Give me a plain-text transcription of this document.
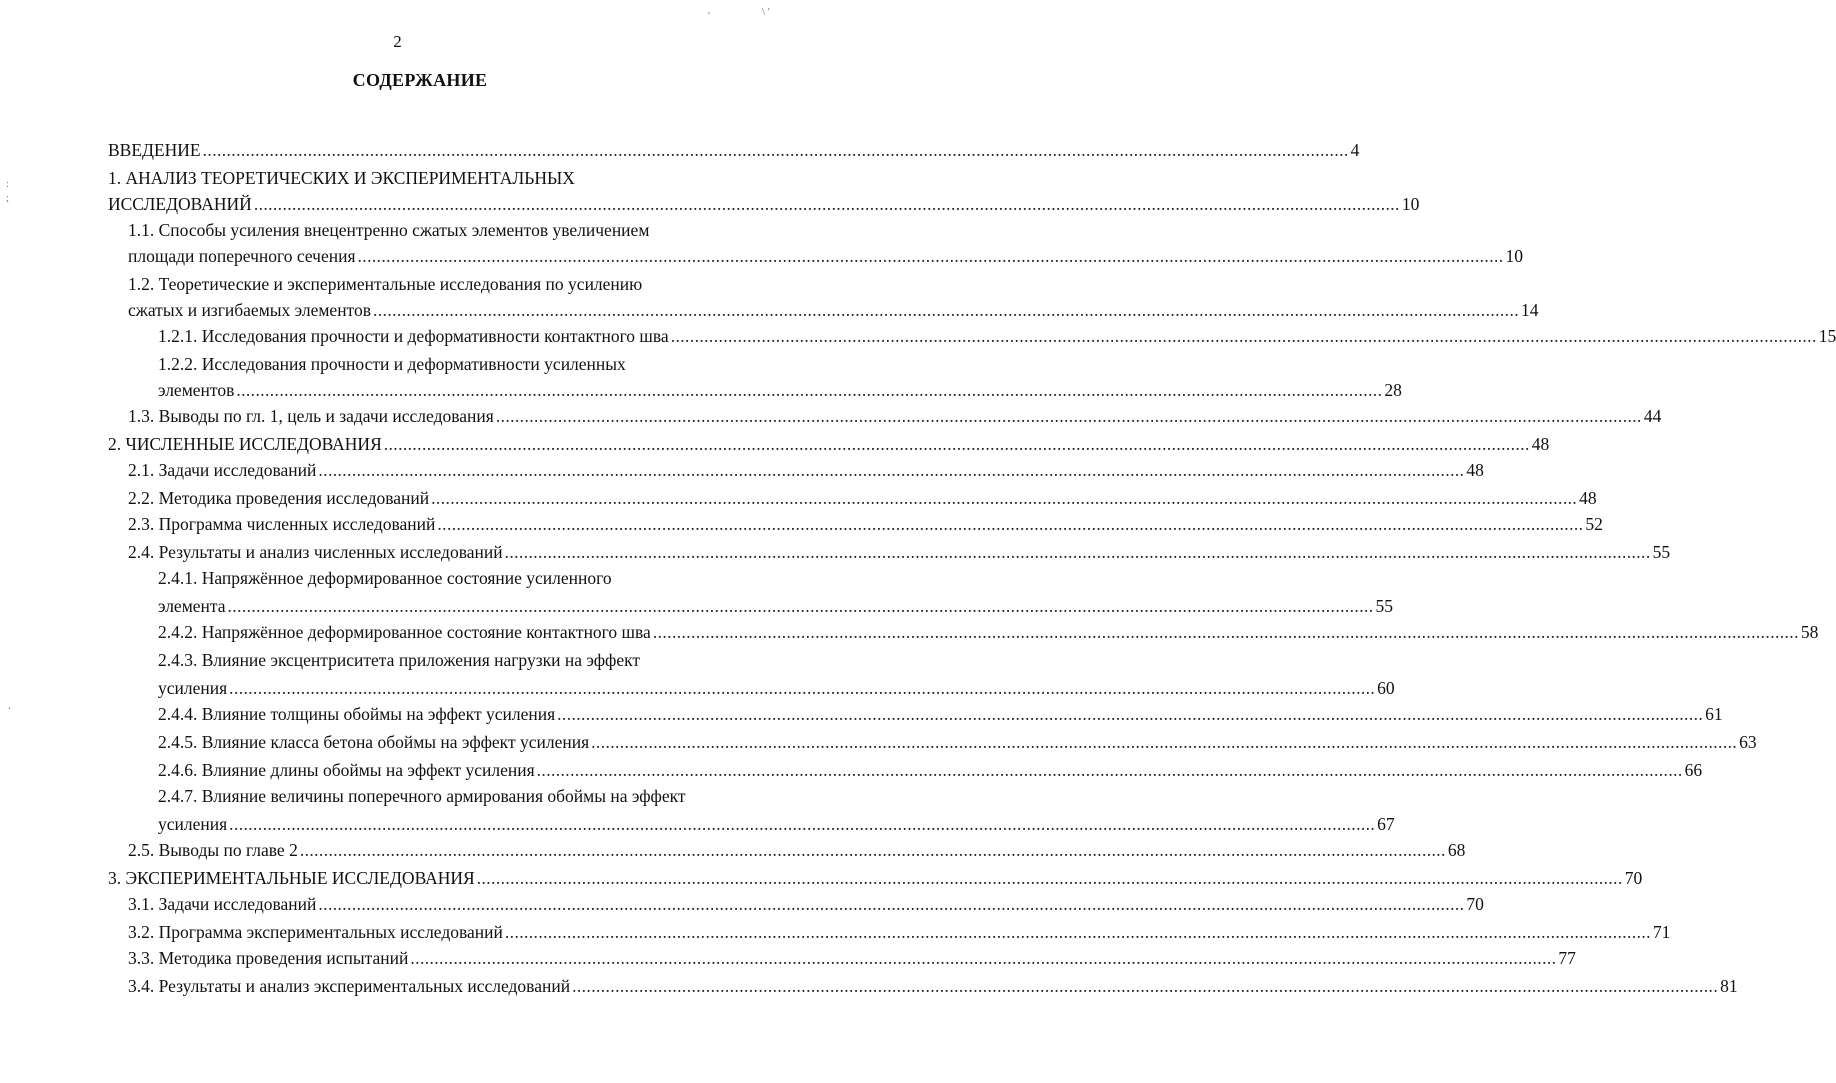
2
СОДЕРЖАНИЕ
'	\ '
:
;
.
ВВЕДЕНИЕ .....	4
1. АНАЛИЗ ТЕОРЕТИЧЕСКИХ И ЭКСПЕРИМЕНТАЛЬНЫХ
ИССЛЕДОВАНИЙ .....	10
1.1. Способы усиления внецентренно сжатых элементов увеличением
площади поперечного сечения .....	10
1.2. Теоретические и экспериментальные исследования по усилению
сжатых и изгибаемых элементов .....	14
1.2.1. Исследования прочности и деформативности контактного шва .....	15
1.2.2. Исследования прочности и деформативности усиленных
элементов .....	28
1.3. Выводы по гл. 1, цель и задачи исследования .....	44
2. ЧИСЛЕННЫЕ ИССЛЕДОВАНИЯ .....	48
2.1. Задачи исследований .....	48
2.2. Методика проведения исследований .....	48
2.3. Программа численных исследований .....	52
2.4. Результаты и анализ численных исследований .....	55
2.4.1. Напряжённое деформированное состояние усиленного
элемента .....	55
2.4.2. Напряжённое деформированное состояние контактного шва .....	58
2.4.3. Влияние эксцентриситета приложения нагрузки на эффект
усиления .....	60
2.4.4. Влияние толщины обоймы на эффект усиления .....	61
2.4.5. Влияние класса бетона обоймы на эффект усиления .....	63
2.4.6. Влияние длины обоймы на эффект усиления .....	66
2.4.7. Влияние величины поперечного армирования обоймы на эффект
усиления .....	67
2.5. Выводы по главе 2 .....	68
3. ЭКСПЕРИМЕНТАЛЬНЫЕ ИССЛЕДОВАНИЯ .....	70
3.1. Задачи исследований .....	70
3.2. Программа экспериментальных исследований .....	71
3.3. Методика проведения испытаний .....	77
3.4. Результаты и анализ экспериментальных исследований .....	81
